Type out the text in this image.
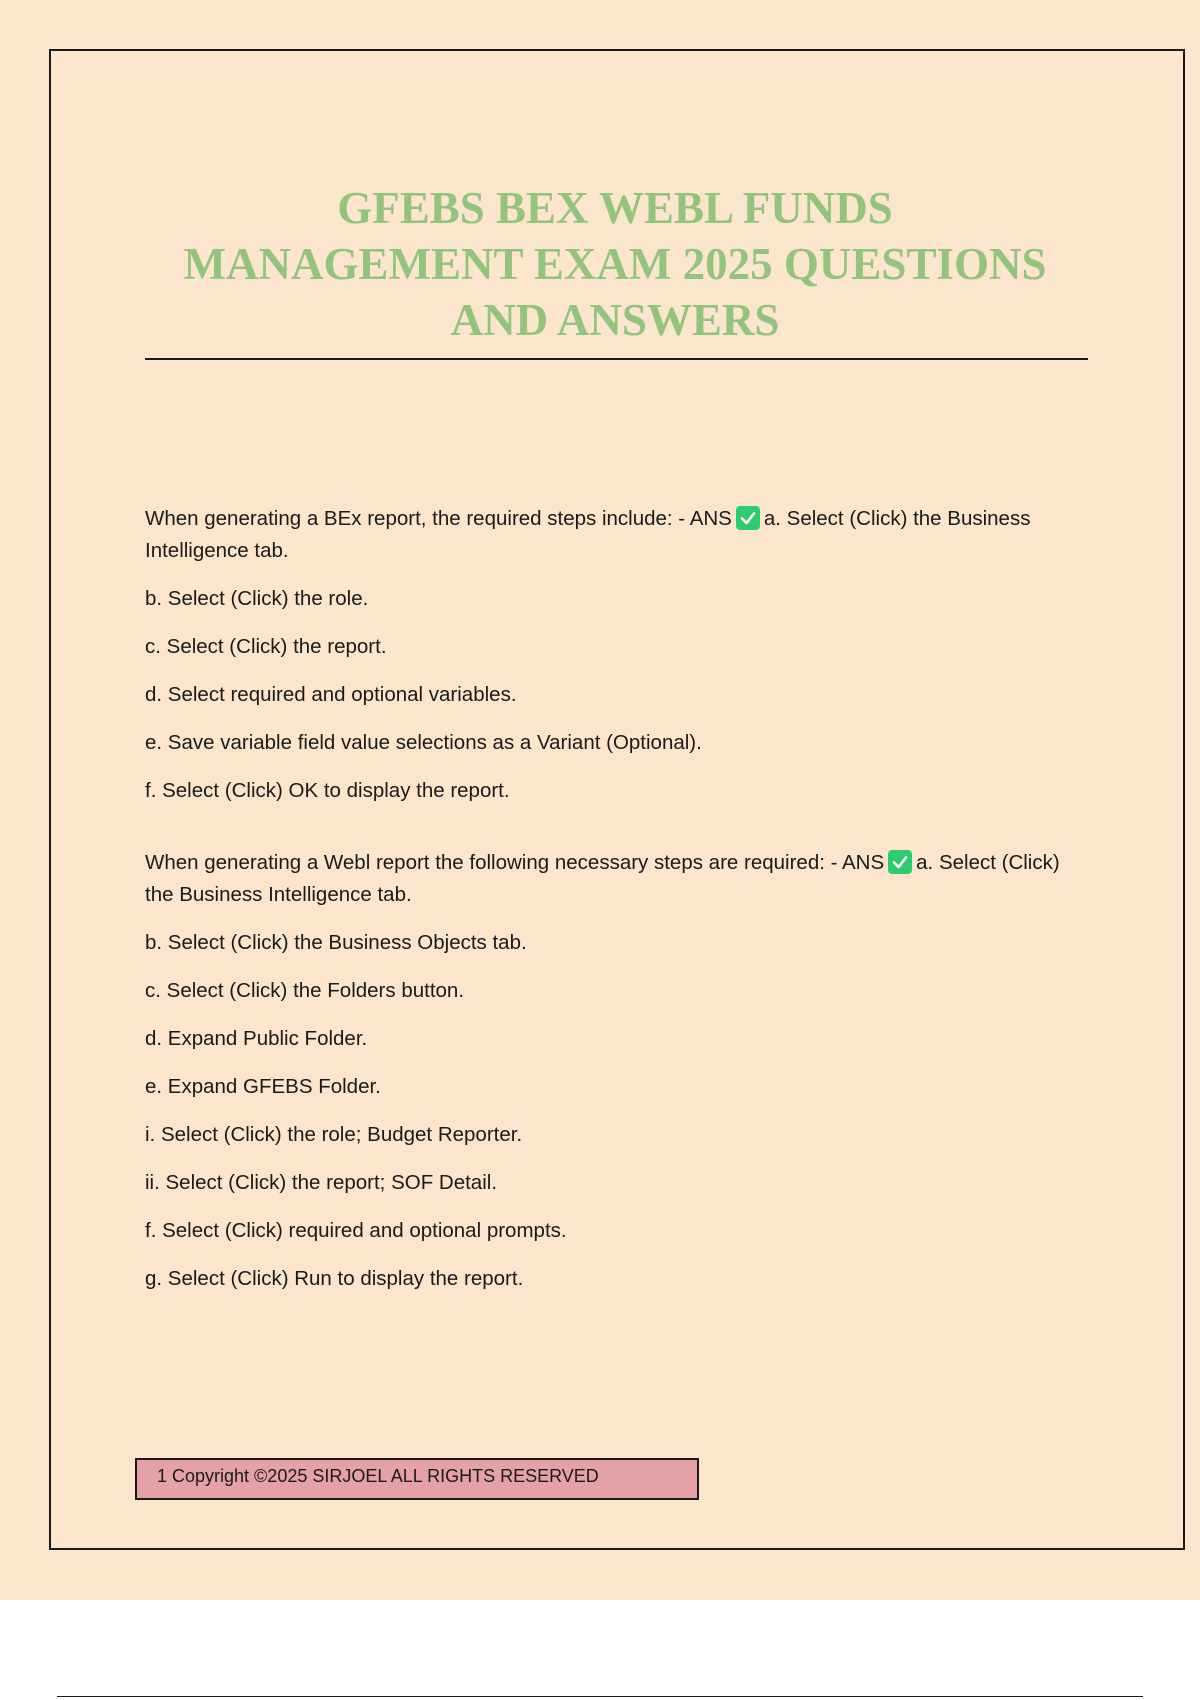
GFEBS BEX WEBL FUNDS
MANAGEMENT EXAM 2025 QUESTIONS
AND ANSWERS

When generating a BEx report, the required steps include: - ANS a. Select (Click) the Business Intelligence tab.

b. Select (Click) the role.

c. Select (Click) the report.

d. Select required and optional variables.

e. Save variable field value selections as a Variant (Optional).

f. Select (Click) OK to display the report.

When generating a Webl report the following necessary steps are required: - ANS a. Select (Click) the Business Intelligence tab.

b. Select (Click) the Business Objects tab.

c. Select (Click) the Folders button.

d. Expand Public Folder.

e. Expand GFEBS Folder.

i. Select (Click) the role; Budget Reporter.

ii. Select (Click) the report; SOF Detail.

f. Select (Click) required and optional prompts.

g. Select (Click) Run to display the report.

1 Copyright ©2025 SIRJOEL ALL RIGHTS RESERVED
